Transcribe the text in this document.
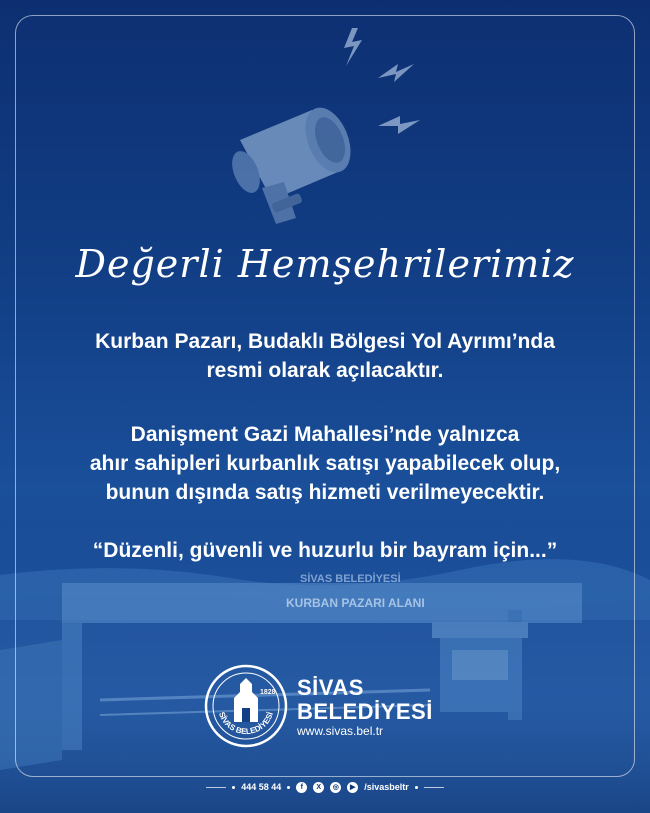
SİVAS BELEDİYESİ
KURBAN PAZARI ALANI
Değerli Hemşehrilerimiz
Kurban Pazarı, Budaklı Bölgesi Yol Ayrımı’nda
resmi olarak açılacaktır.
Danişment Gazi Mahallesi’nde yalnızca
ahır sahipleri kurbanlık satışı yapabilecek olup,
bunun dışında satış hizmeti verilmeyecektir.
“Düzenli, güvenli ve huzurlu bir bayram için...”
1828
SİVAS BELEDİYESİ
SİVAS
BELEDİYESİ
www.sivas.bel.tr
444 58 44	f	X	◎	▶ /sivasbeltr
